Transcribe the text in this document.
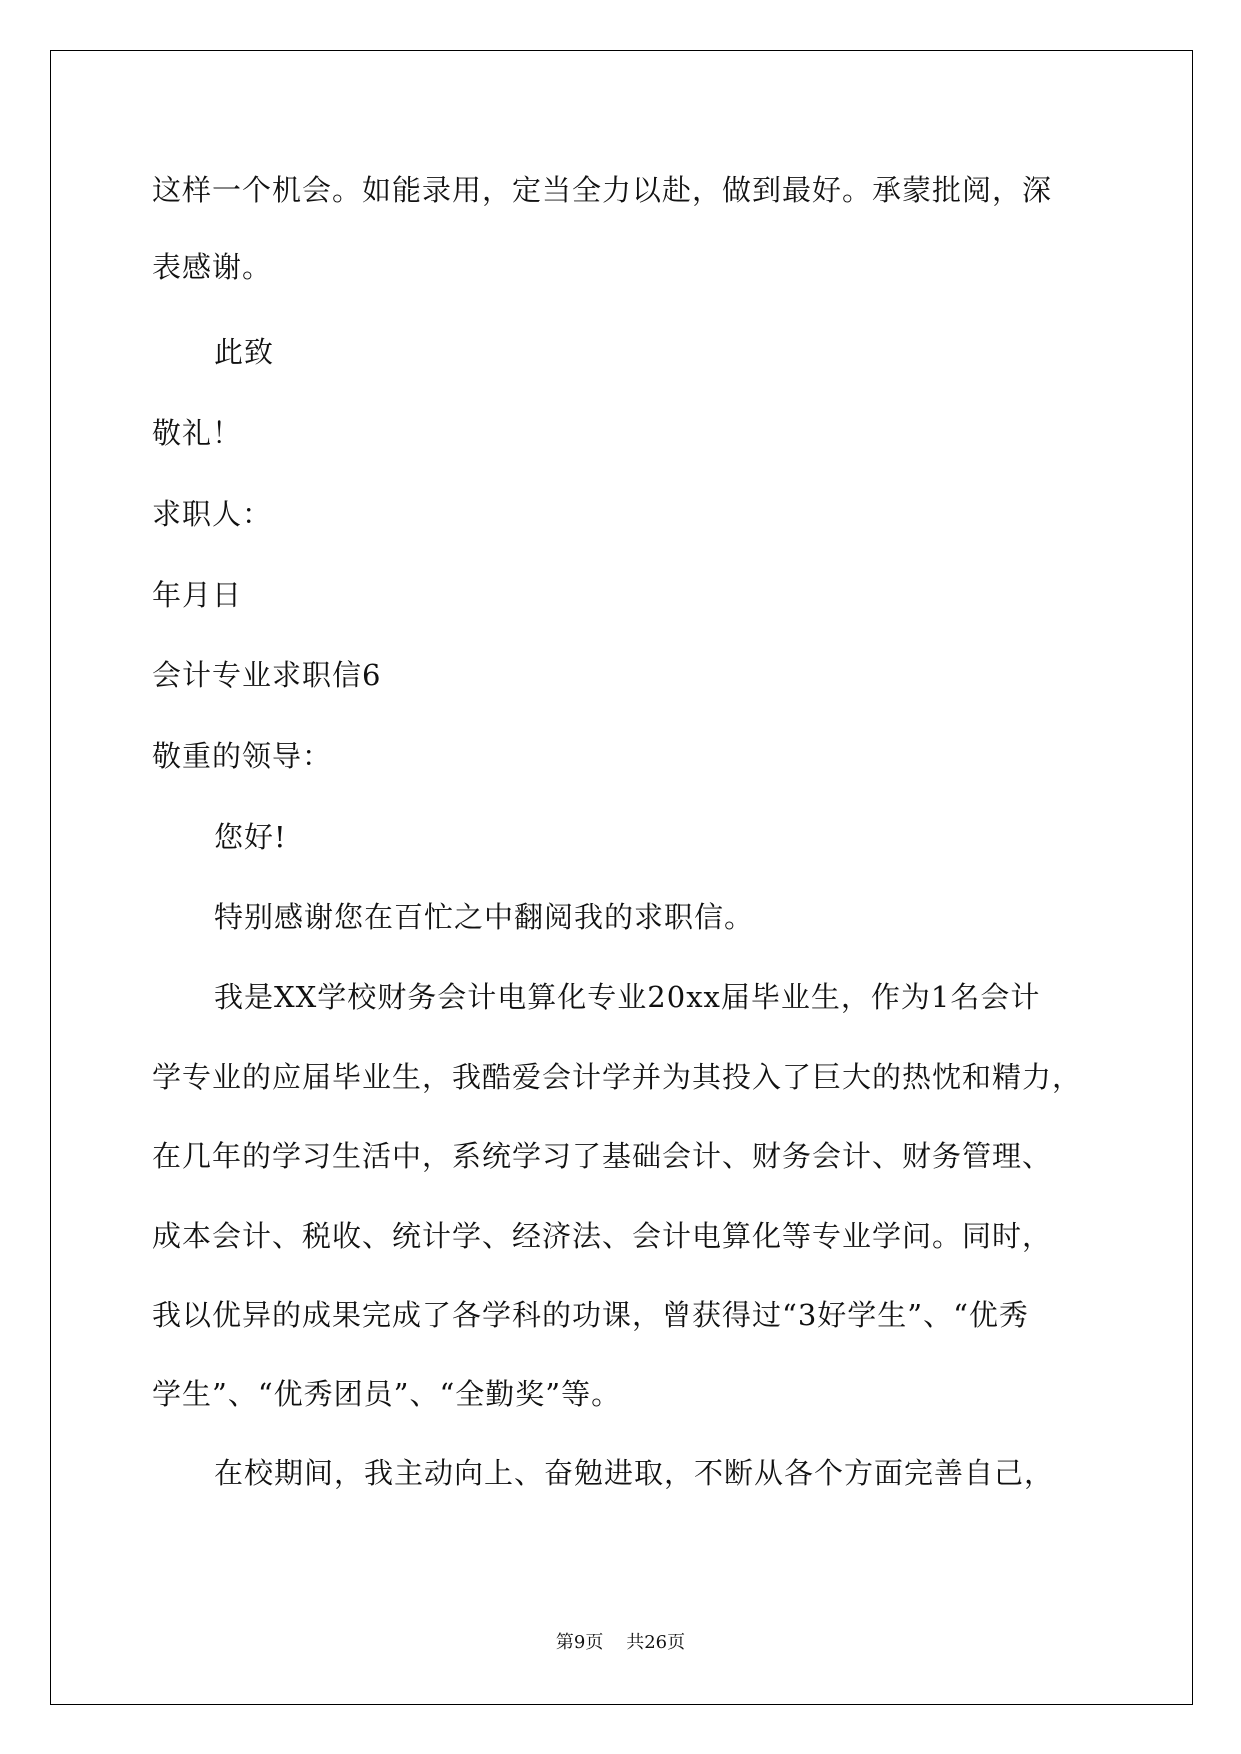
这样一个机会。如能录用，定当全力以赴，做到最好。承蒙批阅，深
表感谢。
此致
敬礼！
求职人：
年月日
会计专业求职信6
敬重的领导：
您好!
特别感谢您在百忙之中翻阅我的求职信。
我是XX学校财务会计电算化专业20xx届毕业生，作为1名会计
学专业的应届毕业生，我酷爱会计学并为其投入了巨大的热忱和精力，
在几年的学习生活中，系统学习了基础会计、财务会计、财务管理、
成本会计、税收、统计学、经济法、会计电算化等专业学问。同时，
我以优异的成果完成了各学科的功课，曾获得过“3好学生”、“优秀
学生”、“优秀团员”、“全勤奖”等。
在校期间，我主动向上、奋勉进取，不断从各个方面完善自己，
第9页 共26页
